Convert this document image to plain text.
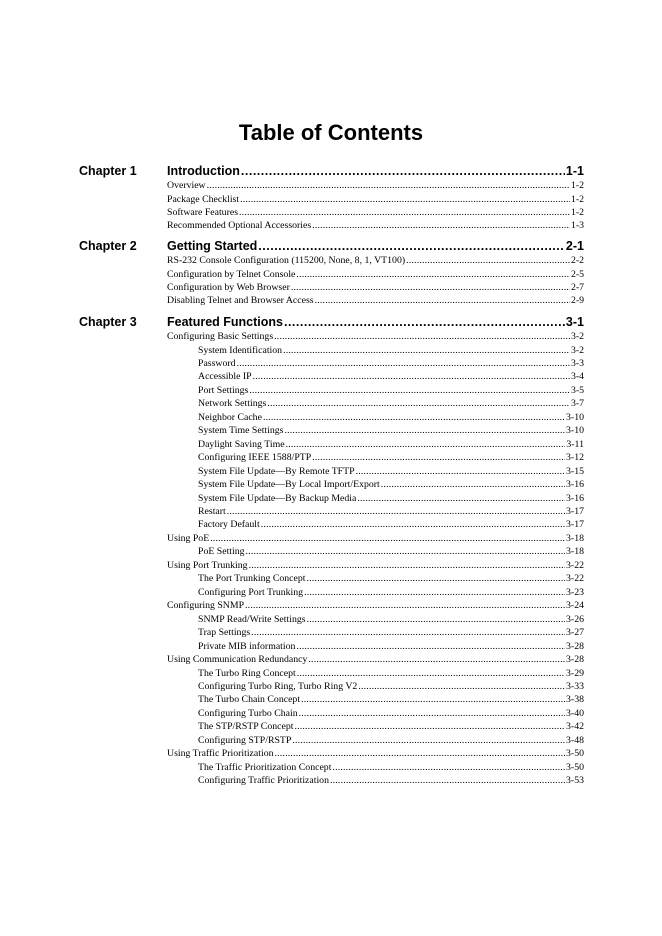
Table of Contents
Chapter 1 Introduction .....	1-1
Overview .....	1-2
Package Checklist .....	1-2
Software Features .....	1-2
Recommended Optional Accessories .....	1-3
Chapter 2 Getting Started .....	2-1
RS-232 Console Configuration (115200, None, 8, 1, VT100) .....	2-2
Configuration by Telnet Console .....	2-5
Configuration by Web Browser .....	2-7
Disabling Telnet and Browser Access .....	2-9
Chapter 3 Featured Functions .....	3-1
Configuring Basic Settings .....	3-2
System Identification .....	3-2
Password .....	3-3
Accessible IP .....	3-4
Port Settings .....	3-5
Network Settings .....	3-7
Neighbor Cache .....	3-10
System Time Settings .....	3-10
Daylight Saving Time .....	3-11
Configuring IEEE 1588/PTP .....	3-12
System File Update—By Remote TFTP .....	3-15
System File Update—By Local Import/Export .....	3-16
System File Update—By Backup Media .....	3-16
Restart .....	3-17
Factory Default .....	3-17
Using PoE .....	3-18
PoE Setting .....	3-18
Using Port Trunking .....	3-22
The Port Trunking Concept .....	3-22
Configuring Port Trunking .....	3-23
Configuring SNMP .....	3-24
SNMP Read/Write Settings .....	3-26
Trap Settings .....	3-27
Private MIB information .....	3-28
Using Communication Redundancy .....	3-28
The Turbo Ring Concept .....	3-29
Configuring Turbo Ring, Turbo Ring V2 .....	3-33
The Turbo Chain Concept .....	3-38
Configuring Turbo Chain .....	3-40
The STP/RSTP Concept .....	3-42
Configuring STP/RSTP .....	3-48
Using Traffic Prioritization .....	3-50
The Traffic Prioritization Concept .....	3-50
Configuring Traffic Prioritization .....	3-53
